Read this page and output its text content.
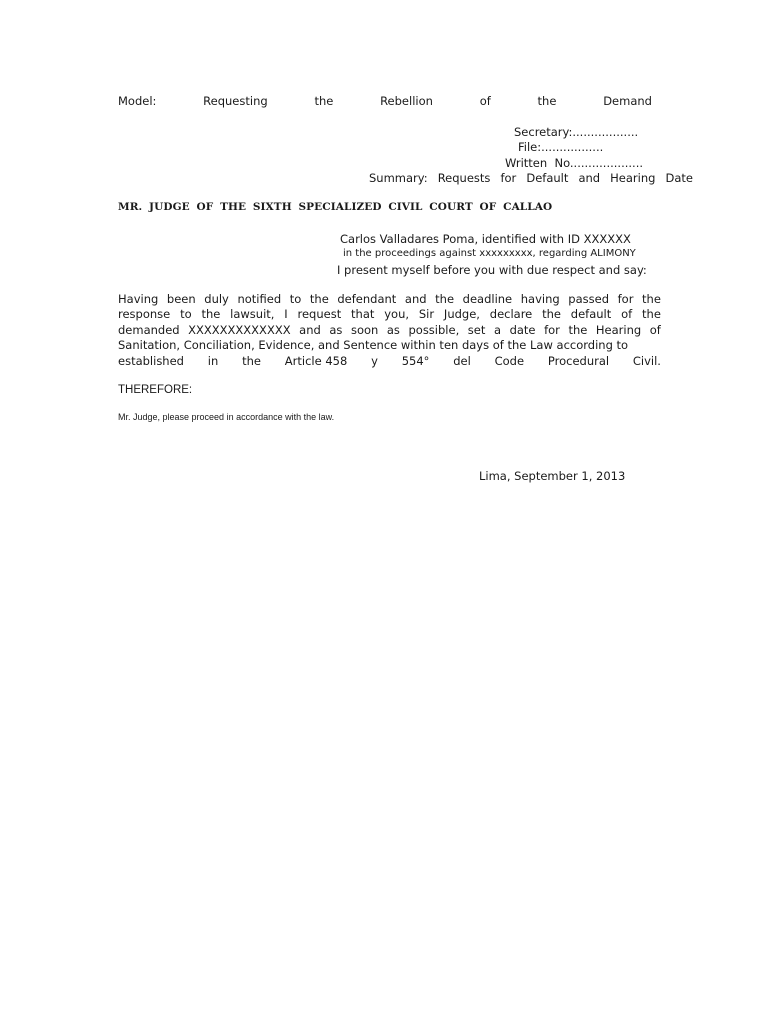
Model:	Requesting	the	Rebellion	of	the	Demand
Secretary:..................
File:.................
Written  No....................
Summary: Requests for Default and Hearing Date
MR. JUDGE OF THE SIXTH SPECIALIZED CIVIL COURT OF CALLAO
Carlos Valladares Poma, identified with ID XXXXXX
in the proceedings against xxxxxxxxx, regarding ALIMONY
I present myself before you with due respect and say:
Having been duly notified to the defendant and the deadline having passed for the
response to the lawsuit, I request that you, Sir Judge, declare the default of the
demanded XXXXXXXXXXXXX and as soon as possible, set a date for the Hearing of
Sanitation, Conciliation, Evidence, and Sentence within ten days of the Law according to
established in the Article 458 y 554° del Code Procedural Civil.
THEREFORE:
Mr. Judge, please proceed in accordance with the law.
Lima, September 1, 2013
